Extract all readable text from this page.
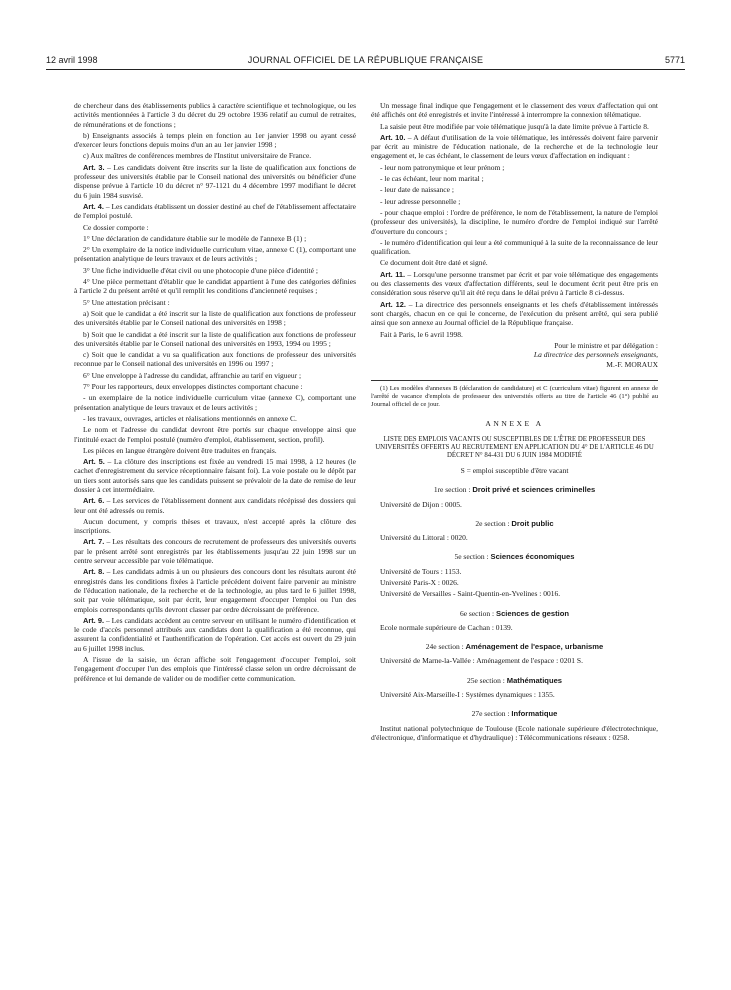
12 avril 1998	JOURNAL OFFICIEL DE LA RÉPUBLIQUE FRANÇAISE	5771

de chercheur dans des établissements publics à caractère scientifique et technologique, ou les activités mentionnées à l'article 3 du décret du 29 octobre 1936 relatif au cumul de retraites, de rémunérations et de fonctions ;

b) Enseignants associés à temps plein en fonction au 1er janvier 1998 ou ayant cessé d'exercer leurs fonctions depuis moins d'un an au 1er janvier 1998 ;

c) Aux maîtres de conférences membres de l'Institut universitaire de France.

Art. 3. – Les candidats doivent être inscrits sur la liste de qualification aux fonctions de professeur des universités établie par le Conseil national des universités ou bénéficier d'une dispense prévue à l'article 10 du décret n° 97-1121 du 4 décembre 1997 modifiant le décret du 6 juin 1984 susvisé.

Art. 4. – Les candidats établissent un dossier destiné au chef de l'établissement affectataire de l'emploi postulé.

Ce dossier comporte :

1° Une déclaration de candidature établie sur le modèle de l'annexe B (1) ;

2° Un exemplaire de la notice individuelle curriculum vitae, annexe C (1), comportant une présentation analytique de leurs travaux et de leurs activités ;

3° Une fiche individuelle d'état civil ou une photocopie d'une pièce d'identité ;

4° Une pièce permettant d'établir que le candidat appartient à l'une des catégories définies à l'article 2 du présent arrêté et qu'il remplit les conditions d'ancienneté requises ;

5° Une attestation précisant :

a) Soit que le candidat a été inscrit sur la liste de qualification aux fonctions de professeur des universités établie par le Conseil national des universités en 1998 ;

b) Soit que le candidat a été inscrit sur la liste de qualification aux fonctions de professeur des universités établie par le Conseil national des universités en 1993, 1994 ou 1995 ;

c) Soit que le candidat a vu sa qualification aux fonctions de professeur des universités reconnue par le Conseil national des universités en 1996 ou 1997 ;

6° Une enveloppe à l'adresse du candidat, affranchie au tarif en vigueur ;

7° Pour les rapporteurs, deux enveloppes distinctes comportant chacune :

- un exemplaire de la notice individuelle curriculum vitae (annexe C), comportant une présentation analytique de leurs travaux et de leurs activités ;

- les travaux, ouvrages, articles et réalisations mentionnés en annexe C.

Le nom et l'adresse du candidat devront être portés sur chaque enveloppe ainsi que l'intitulé exact de l'emploi postulé (numéro d'emploi, établissement, section, profil).

Les pièces en langue étrangère doivent être traduites en français.

Art. 5. – La clôture des inscriptions est fixée au vendredi 15 mai 1998, à 12 heures (le cachet d'enregistrement du service réceptionnaire faisant foi). La voie postale ou le dépôt par un tiers sont autorisés sans que les candidats puissent se prévaloir de la date de remise de leur dossier à cet intermédiaire.

Art. 6. – Les services de l'établissement donnent aux candidats récépissé des dossiers qui leur ont été adressés ou remis.

Aucun document, y compris thèses et travaux, n'est accepté après la clôture des inscriptions.

Art. 7. – Les résultats des concours de recrutement de professeurs des universités ouverts par le présent arrêté sont enregistrés par les établissements jusqu'au 22 juin 1998 sur un centre serveur accessible par voie télématique.

Art. 8. – Les candidats admis à un ou plusieurs des concours dont les résultats auront été enregistrés dans les conditions fixées à l'article précédent doivent faire parvenir au ministre de l'éducation nationale, de la recherche et de la technologie, au plus tard le 6 juillet 1998, soit par voie télématique, soit par écrit, leur engagement d'occuper l'emploi ou l'un des emplois correspondants qu'ils devront classer par ordre décroissant de préférence.

Art. 9. – Les candidats accèdent au centre serveur en utilisant le numéro d'identification et le code d'accès personnel attribués aux candidats dont la qualification a été reconnue, qui assurent la confidentialité et l'authentification de l'opération. Cet accès est ouvert du 29 juin au 6 juillet 1998 inclus.

A l'issue de la saisie, un écran affiche soit l'engagement d'occuper l'emploi, soit l'engagement d'occuper l'un des emplois que l'intéressé classe selon un ordre décroissant de préférence et lui demande de valider ou de modifier cette communication.

Un message final indique que l'engagement et le classement des vœux d'affectation qui ont été affichés ont été enregistrés et invite l'intéressé à interrompre la connexion télématique.

La saisie peut être modifiée par voie télématique jusqu'à la date limite prévue à l'article 8.

Art. 10. – A défaut d'utilisation de la voie télématique, les intéressés doivent faire parvenir par écrit au ministre de l'éducation nationale, de la recherche et de la technologie leur engagement et, le cas échéant, le classement de leurs vœux d'affectation en indiquant :

- leur nom patronymique et leur prénom ;

- le cas échéant, leur nom marital ;

- leur date de naissance ;

- leur adresse personnelle ;

- pour chaque emploi : l'ordre de préférence, le nom de l'établissement, la nature de l'emploi (professeur des universités), la discipline, le numéro d'ordre de l'emploi indiqué sur l'arrêté d'ouverture du concours ;

- le numéro d'identification qui leur a été communiqué à la suite de la reconnaissance de leur qualification.

Ce document doit être daté et signé.

Art. 11. – Lorsqu'une personne transmet par écrit et par voie télématique des engagements ou des classements des vœux d'affectation différents, seul le document écrit peut être pris en considération sous réserve qu'il ait été reçu dans le délai prévu à l'article 8 ci-dessus.

Art. 12. – La directrice des personnels enseignants et les chefs d'établissement intéressés sont chargés, chacun en ce qui le concerne, de l'exécution du présent arrêté, qui sera publié ainsi que son annexe au Journal officiel de la République française.

Fait à Paris, le 6 avril 1998.

Pour le ministre et par délégation :
La directrice des personnels enseignants,
M.-F. MORAUX

(1) Les modèles d'annexes B (déclaration de candidature) et C (curriculum vitae) figurent en annexe de l'arrêté de vacance d'emplois de professeur des universités offerts au titre de l'article 46 (1°) publié au Journal officiel de ce jour.

ANNEXE A
LISTE DES EMPLOIS VACANTS OU SUSCEPTIBLES DE L'ÊTRE DE PROFESSEUR DES UNIVERSITÉS OFFERTS AU RECRUTEMENT EN APPLICATION DU 4° DE L'ARTICLE 46 DU DÉCRET N° 84-431 DU 6 JUIN 1984 MODIFIÉ
S = emploi susceptible d'être vacant
1re section : Droit privé et sciences criminelles

Université de Dijon : 0005.

2e section : Droit public

Université du Littoral : 0020.

5e section : Sciences économiques

Université de Tours : 1153.

Université Paris-X : 0026.

Université de Versailles - Saint-Quentin-en-Yvelines : 0016.

6e section : Sciences de gestion

Ecole normale supérieure de Cachan : 0139.

24e section : Aménagement de l'espace, urbanisme

Université de Marne-la-Vallée : Aménagement de l'espace : 0201 S.

25e section : Mathématiques

Université Aix-Marseille-I : Systèmes dynamiques : 1355.

27e section : Informatique

Institut national polytechnique de Toulouse (Ecole nationale supérieure d'électrotechnique, d'électronique, d'informatique et d'hydraulique) : Télécommunications réseaux : 0258.
